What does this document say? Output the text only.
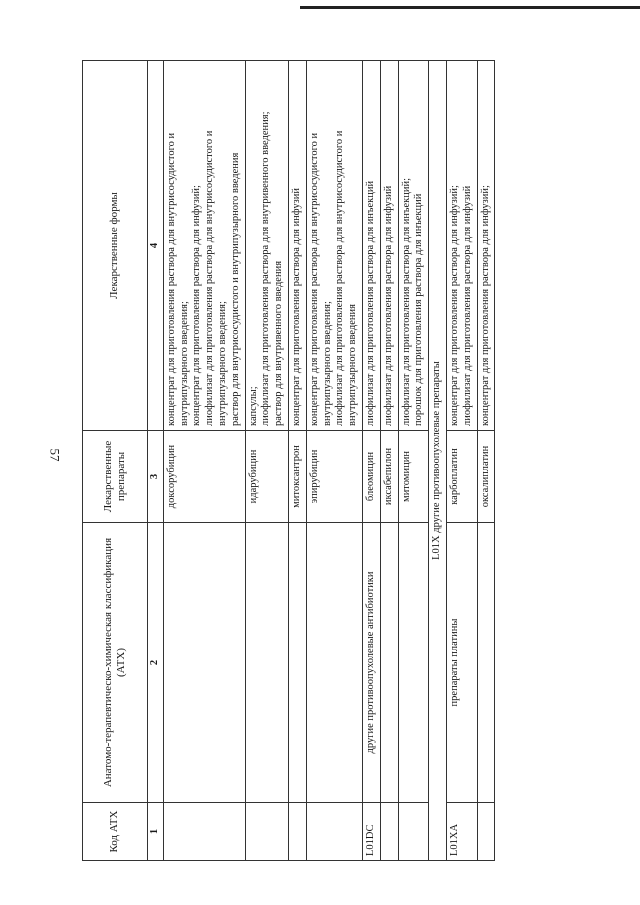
57
Код АТХ	Анатомо-терапевтическо-химическая классификация (АТХ)	Лекарственные препараты	Лекарственные формы
1	2	3	4
		доксорубицин	концентрат для приготовления раствора для внутрисосудистого и внутрипузырного введения; концентрат для приготовления раствора для инфузий; лиофилизат для приготовления раствора для внутрисосудистого и внутрипузырного введения; раствор для внутрисосудистого и внутрипузырного введения

		идарубицин	капсулы; лиофилизат для приготовления раствора для внутривенного введения; раствор для внутривенного введения

		митоксантрон	концентрат для приготовления раствора для инфузий

		эпирубицин	концентрат для приготовления раствора для внутрисосудистого и внутрипузырного введения; лиофилизат для приготовления раствора для внутрисосудистого и внутрипузырного введения

L01DC	другие противоопухолевые антибиотики	блеомицин	лиофилизат для приготовления раствора для инъекций

		иксабепилон	лиофилизат для приготовления раствора для инфузий

		митомицин	лиофилизат для приготовления раствора для инъекций; порошок для приготовления раствора для инъекций

L01X другие противоопухолевые препараты			
L01XA	препараты платины	карбоплатин	концентрат для приготовления раствора для инфузий; лиофилизат для приготовления раствора для инфузий

		оксалиплатин	концентрат для приготовления раствора для инфузий;
